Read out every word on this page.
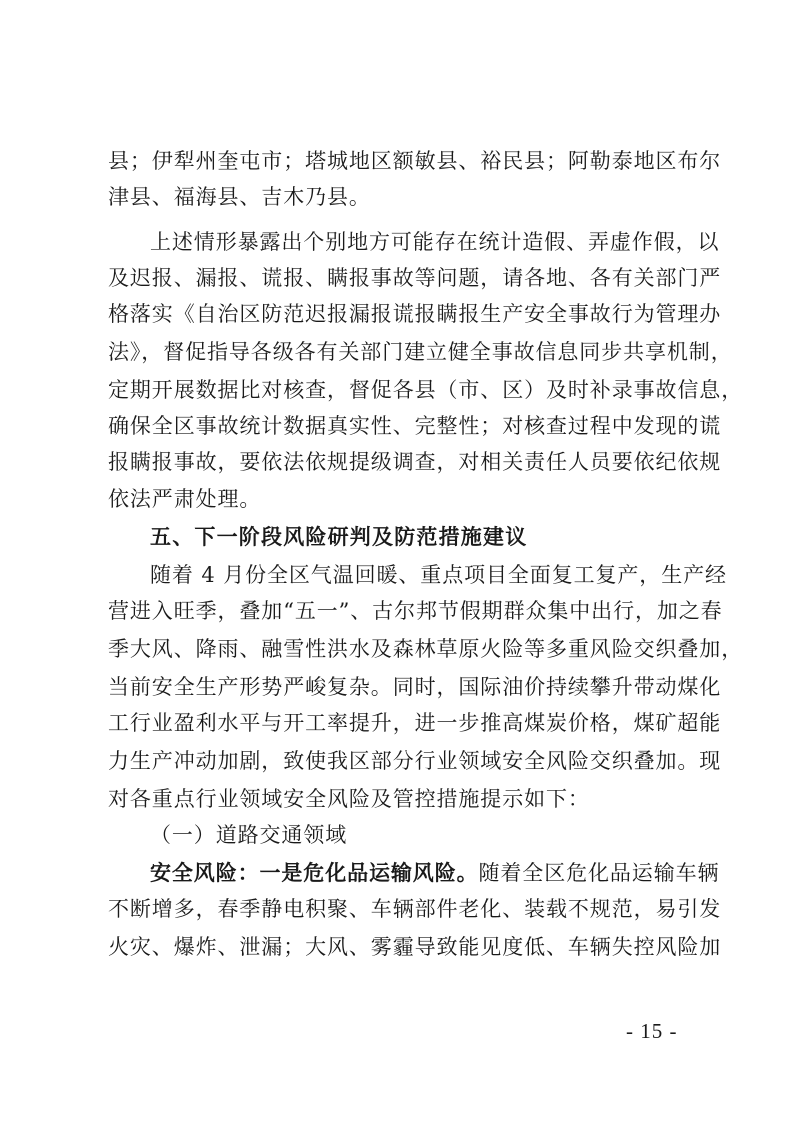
县；伊犁州奎屯市；塔城地区额敏县、裕民县；阿勒泰地区布尔
津县、福海县、吉木乃县。
上述情形暴露出个别地方可能存在统计造假、弄虚作假，以
及迟报、漏报、谎报、瞒报事故等问题，请各地、各有关部门严
格落实《自治区防范迟报漏报谎报瞒报生产安全事故行为管理办
法》，督促指导各级各有关部门建立健全事故信息同步共享机制，
定期开展数据比对核查，督促各县（市、区）及时补录事故信息，
确保全区事故统计数据真实性、完整性；对核查过程中发现的谎
报瞒报事故，要依法依规提级调查，对相关责任人员要依纪依规
依法严肃处理。
五、下一阶段风险研判及防范措施建议
随着 4 月份全区气温回暖、重点项目全面复工复产，生产经
营进入旺季，叠加“五一”、古尔邦节假期群众集中出行，加之春
季大风、降雨、融雪性洪水及森林草原火险等多重风险交织叠加，
当前安全生产形势严峻复杂。同时，国际油价持续攀升带动煤化
工行业盈利水平与开工率提升，进一步推高煤炭价格，煤矿超能
力生产冲动加剧，致使我区部分行业领域安全风险交织叠加。现
对各重点行业领域安全风险及管控措施提示如下：
（一）道路交通领域
安全风险：一是危化品运输风险。 随着全区危化品运输车辆
不断增多，春季静电积聚、车辆部件老化、装载不规范，易引发
火灾、爆炸、泄漏；大风、雾霾导致能见度低、车辆失控风险加
- 15 -
